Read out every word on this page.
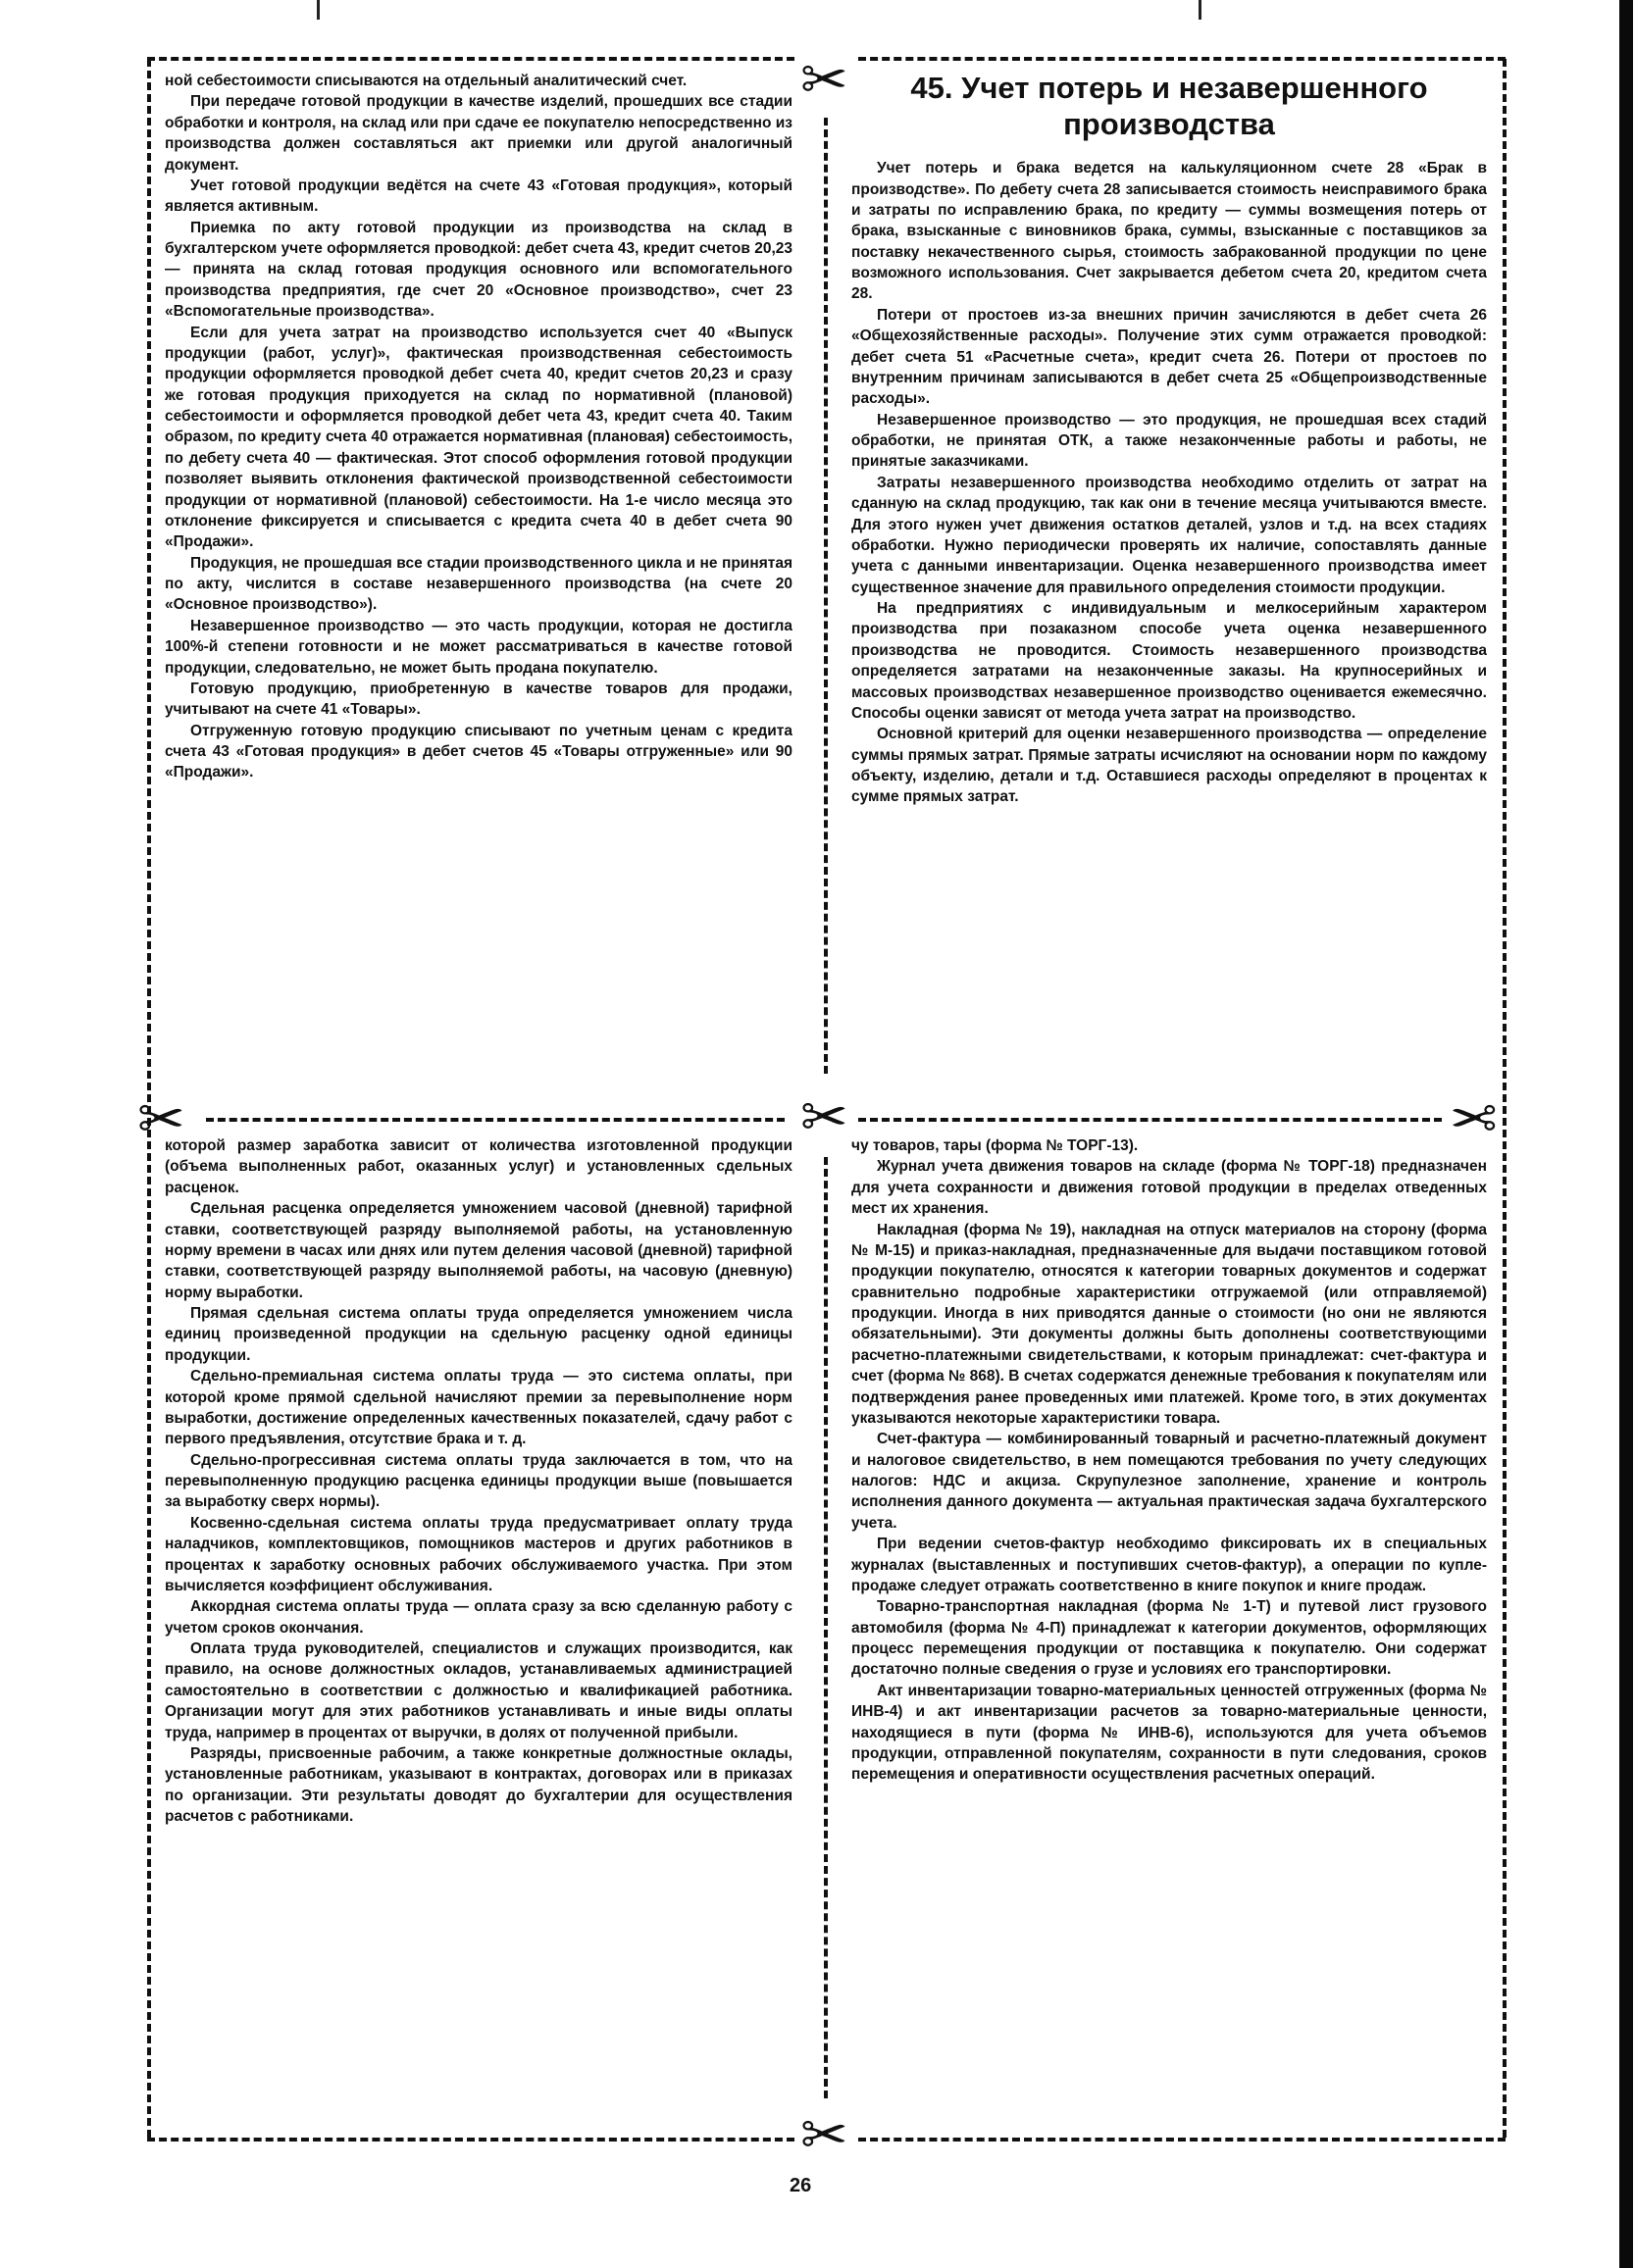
✂
✂	✂	✂
✂

ной себестоимости списываются на отдельный аналитический счет.

При передаче готовой продукции в качестве изделий, прошедших все стадии обработки и контроля, на склад или при сдаче ее покупателю непосредственно из производства должен составляться акт приемки или другой аналогичный документ.

Учет готовой продукции ведётся на счете 43 «Готовая продукция», который является активным.

Приемка по акту готовой продукции из производства на склад в бухгалтерском учете оформляется проводкой: дебет счета 43, кредит счетов 20,23 — принята на склад готовая продукция основного или вспомогательного производства предприятия, где счет 20 «Основное производство», счет 23 «Вспомогательные производства».

Если для учета затрат на производство используется счет 40 «Выпуск продукции (работ, услуг)», фактическая производственная себестоимость продукции оформляется проводкой дебет счета 40, кредит счетов 20,23 и сразу же готовая продукция приходуется на склад по нормативной (плановой) себестоимости и оформляется проводкой дебет чета 43, кредит счета 40. Таким образом, по кредиту счета 40 отражается нормативная (плановая) себестоимость, по дебету счета 40 — фактическая. Этот способ оформления готовой продукции позволяет выявить отклонения фактической производственной себестоимости продукции от нормативной (плановой) себестоимости. На 1-е число месяца это отклонение фиксируется и списывается с кредита счета 40 в дебет счета 90 «Продажи».

Продукция, не прошедшая все стадии производственного цикла и не принятая по акту, числится в составе незавершенного производства (на счете 20 «Основное производство»).

Незавершенное производство — это часть продукции, которая не достигла 100%-й степени готовности и не может рассматриваться в качестве готовой продукции, следовательно, не может быть продана покупателю.

Готовую продукцию, приобретенную в качестве товаров для продажи, учитывают на счете 41 «Товары».

Отгруженную готовую продукцию списывают по учетным ценам с кредита счета 43 «Готовая продукция» в дебет счетов 45 «Товары отгруженные» или 90 «Продажи».

45. Учет потерь и незавершенного производства

Учет потерь и брака ведется на калькуляционном счете 28 «Брак в производстве». По дебету счета 28 записывается стоимость неисправимого брака и затраты по исправлению брака, по кредиту — суммы возмещения потерь от брака, взысканные с виновников брака, суммы, взысканные с поставщиков за поставку некачественного сырья, стоимость забракованной продукции по цене возможного использования. Счет закрывается дебетом счета 20, кредитом счета 28.

Потери от простоев из-за внешних причин зачисляются в дебет счета 26 «Общехозяйственные расходы». Получение этих сумм отражается проводкой: дебет счета 51 «Расчетные счета», кредит счета 26. Потери от простоев по внутренним причинам записываются в дебет счета 25 «Общепроизводственные расходы».

Незавершенное производство — это продукция, не прошедшая всех стадий обработки, не принятая ОТК, а также незаконченные работы и работы, не принятые заказчиками.

Затраты незавершенного производства необходимо отделить от затрат на сданную на склад продукцию, так как они в течение месяца учитываются вместе. Для этого нужен учет движения остатков деталей, узлов и т.д. на всех стадиях обработки. Нужно периодически проверять их наличие, сопоставлять данные учета с данными инвентаризации. Оценка незавершенного производства имеет существенное значение для правильного определения стоимости продукции.

На предприятиях с индивидуальным и мелкосерийным характером производства при позаказном способе учета оценка незавершенного производства не проводится. Стоимость незавершенного производства определяется затратами на незаконченные заказы. На крупносерийных и массовых производствах незавершенное производство оценивается ежемесячно. Способы оценки зависят от метода учета затрат на производство.

Основной критерий для оценки незавершенного производства — определение суммы прямых затрат. Прямые затраты исчисляют на основании норм по каждому объекту, изделию, детали и т.д. Оставшиеся расходы определяют в процентах к сумме прямых затрат.

которой размер заработка зависит от количества изготовленной продукции (объема выполненных работ, оказанных услуг) и установленных сдельных расценок.

Сдельная расценка определяется умножением часовой (дневной) тарифной ставки, соответствующей разряду выполняемой работы, на установленную норму времени в часах или днях или путем деления часовой (дневной) тарифной ставки, соответствующей разряду выполняемой работы, на часовую (дневную) норму выработки.

Прямая сдельная система оплаты труда определяется умножением числа единиц произведенной продукции на сдельную расценку одной единицы продукции.

Сдельно-премиальная система оплаты труда — это система оплаты, при которой кроме прямой сдельной начисляют премии за перевыполнение норм выработки, достижение определенных качественных показателей, сдачу работ с первого предъявления, отсутствие брака и т. д.

Сдельно-прогрессивная система оплаты труда заключается в том, что на перевыполненную продукцию расценка единицы продукции выше (повышается за выработку сверх нормы).

Косвенно-сдельная система оплаты труда предусматривает оплату труда наладчиков, комплектовщиков, помощников мастеров и других работников в процентах к заработку основных рабочих обслуживаемого участка. При этом вычисляется коэффициент обслуживания.

Аккордная система оплаты труда — оплата сразу за всю сделанную работу с учетом сроков окончания.

Оплата труда руководителей, специалистов и служащих производится, как правило, на основе должностных окладов, устанавливаемых администрацией самостоятельно в соответствии с должностью и квалификацией работника. Организации могут для этих работников устанавливать и иные виды оплаты труда, например в процентах от выручки, в долях от полученной прибыли.

Разряды, присвоенные рабочим, а также конкретные должностные оклады, установленные работникам, указывают в контрактах, договорах или в приказах по организации. Эти результаты доводят до бухгалтерии для осуществления расчетов с работниками.

чу товаров, тары (форма № ТОРГ-13).

Журнал учета движения товаров на складе (форма № ТОРГ-18) предназначен для учета сохранности и движения готовой продукции в пределах отведенных мест их хранения.

Накладная (форма № 19), накладная на отпуск материалов на сторону (форма № М-15) и приказ-накладная, предназначенные для выдачи поставщиком готовой продукции покупателю, относятся к категории товарных документов и содержат сравнительно подробные характеристики отгружаемой (или отправляемой) продукции. Иногда в них приводятся данные о стоимости (но они не являются обязательными). Эти документы должны быть дополнены соответствующими расчетно-платежными свидетельствами, к которым принадлежат: счет-фактура и счет (форма № 868). В счетах содержатся денежные требования к покупателям или подтверждения ранее проведенных ими платежей. Кроме того, в этих документах указываются некоторые характеристики товара.

Счет-фактура — комбинированный товарный и расчетно-платежный документ и налоговое свидетельство, в нем помещаются требования по учету следующих налогов: НДС и акциза. Скрупулезное заполнение, хранение и контроль исполнения данного документа — актуальная практическая задача бухгалтерского учета.

При ведении счетов-фактур необходимо фиксировать их в специальных журналах (выставленных и поступивших счетов-фактур), а операции по купле-продаже следует отражать соответственно в книге покупок и книге продаж.

Товарно-транспортная накладная (форма № 1-Т) и путевой лист грузового автомобиля (форма № 4-П) принадлежат к категории документов, оформляющих процесс перемещения продукции от поставщика к покупателю. Они содержат достаточно полные сведения о грузе и условиях его транспортировки.

Акт инвентаризации товарно-материальных ценностей отгруженных (форма № ИНВ-4) и акт инвентаризации расчетов за товарно-материальные ценности, находящиеся в пути (форма № ИНВ-6), используются для учета объемов продукции, отправленной покупателям, сохранности в пути следования, сроков перемещения и оперативности осуществления расчетных операций.

26
